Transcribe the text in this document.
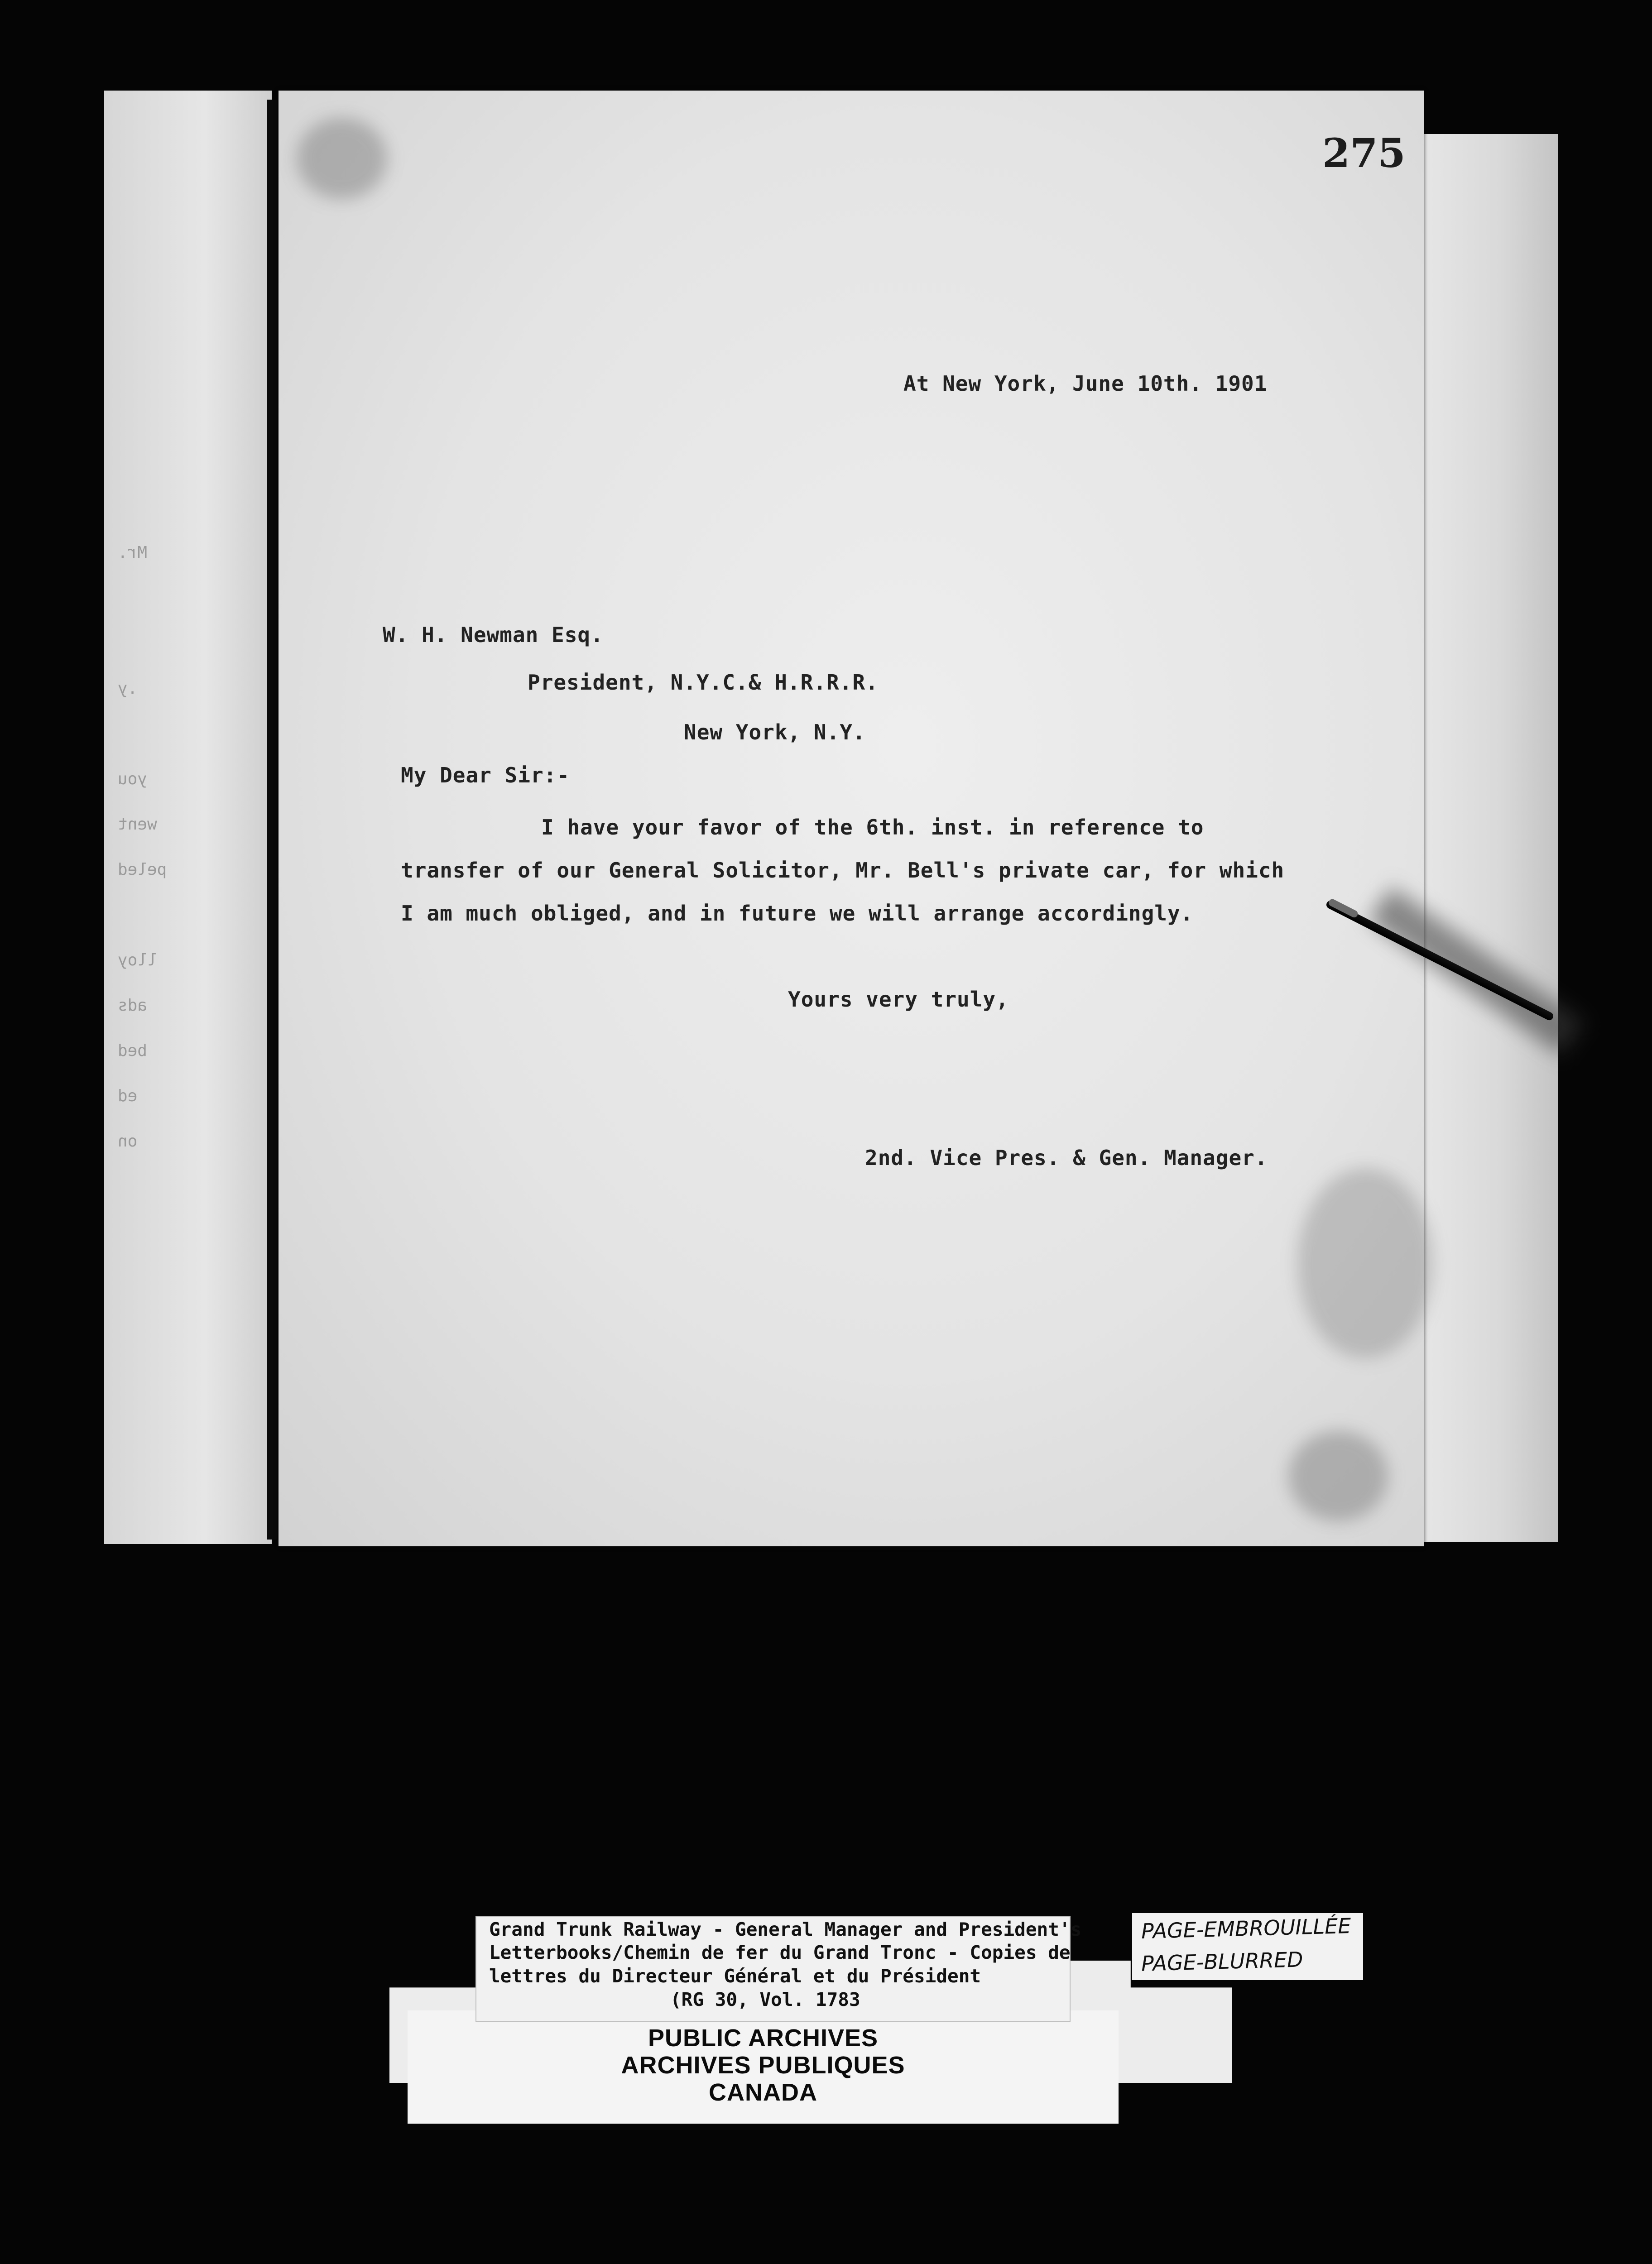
Mr.
.y
you
went
peled
lloy
ads
bed
ed
on
275
At New York, June 10th. 1901
W. H. Newman Esq.
President, N.Y.C.& H.R.R.R.
New York, N.Y.
My Dear Sir:-
I have your favor of the 6th. inst. in reference to
transfer of our General Solicitor, Mr. Bell's private car, for which
I am much obliged, and in future we will arrange accordingly.
Yours very truly,
2nd. Vice Pres. & Gen. Manager.
PUBLIC ARCHIVES
ARCHIVES PUBLIQUES
CANADA
Grand Trunk Railway - General Manager and President's
Letterbooks/Chemin de fer du Grand Tronc - Copies de
lettres du Directeur Général et du Président
(RG 30, Vol. 1783
PAGE-EMBROUILLÉE
PAGE-BLURRED
